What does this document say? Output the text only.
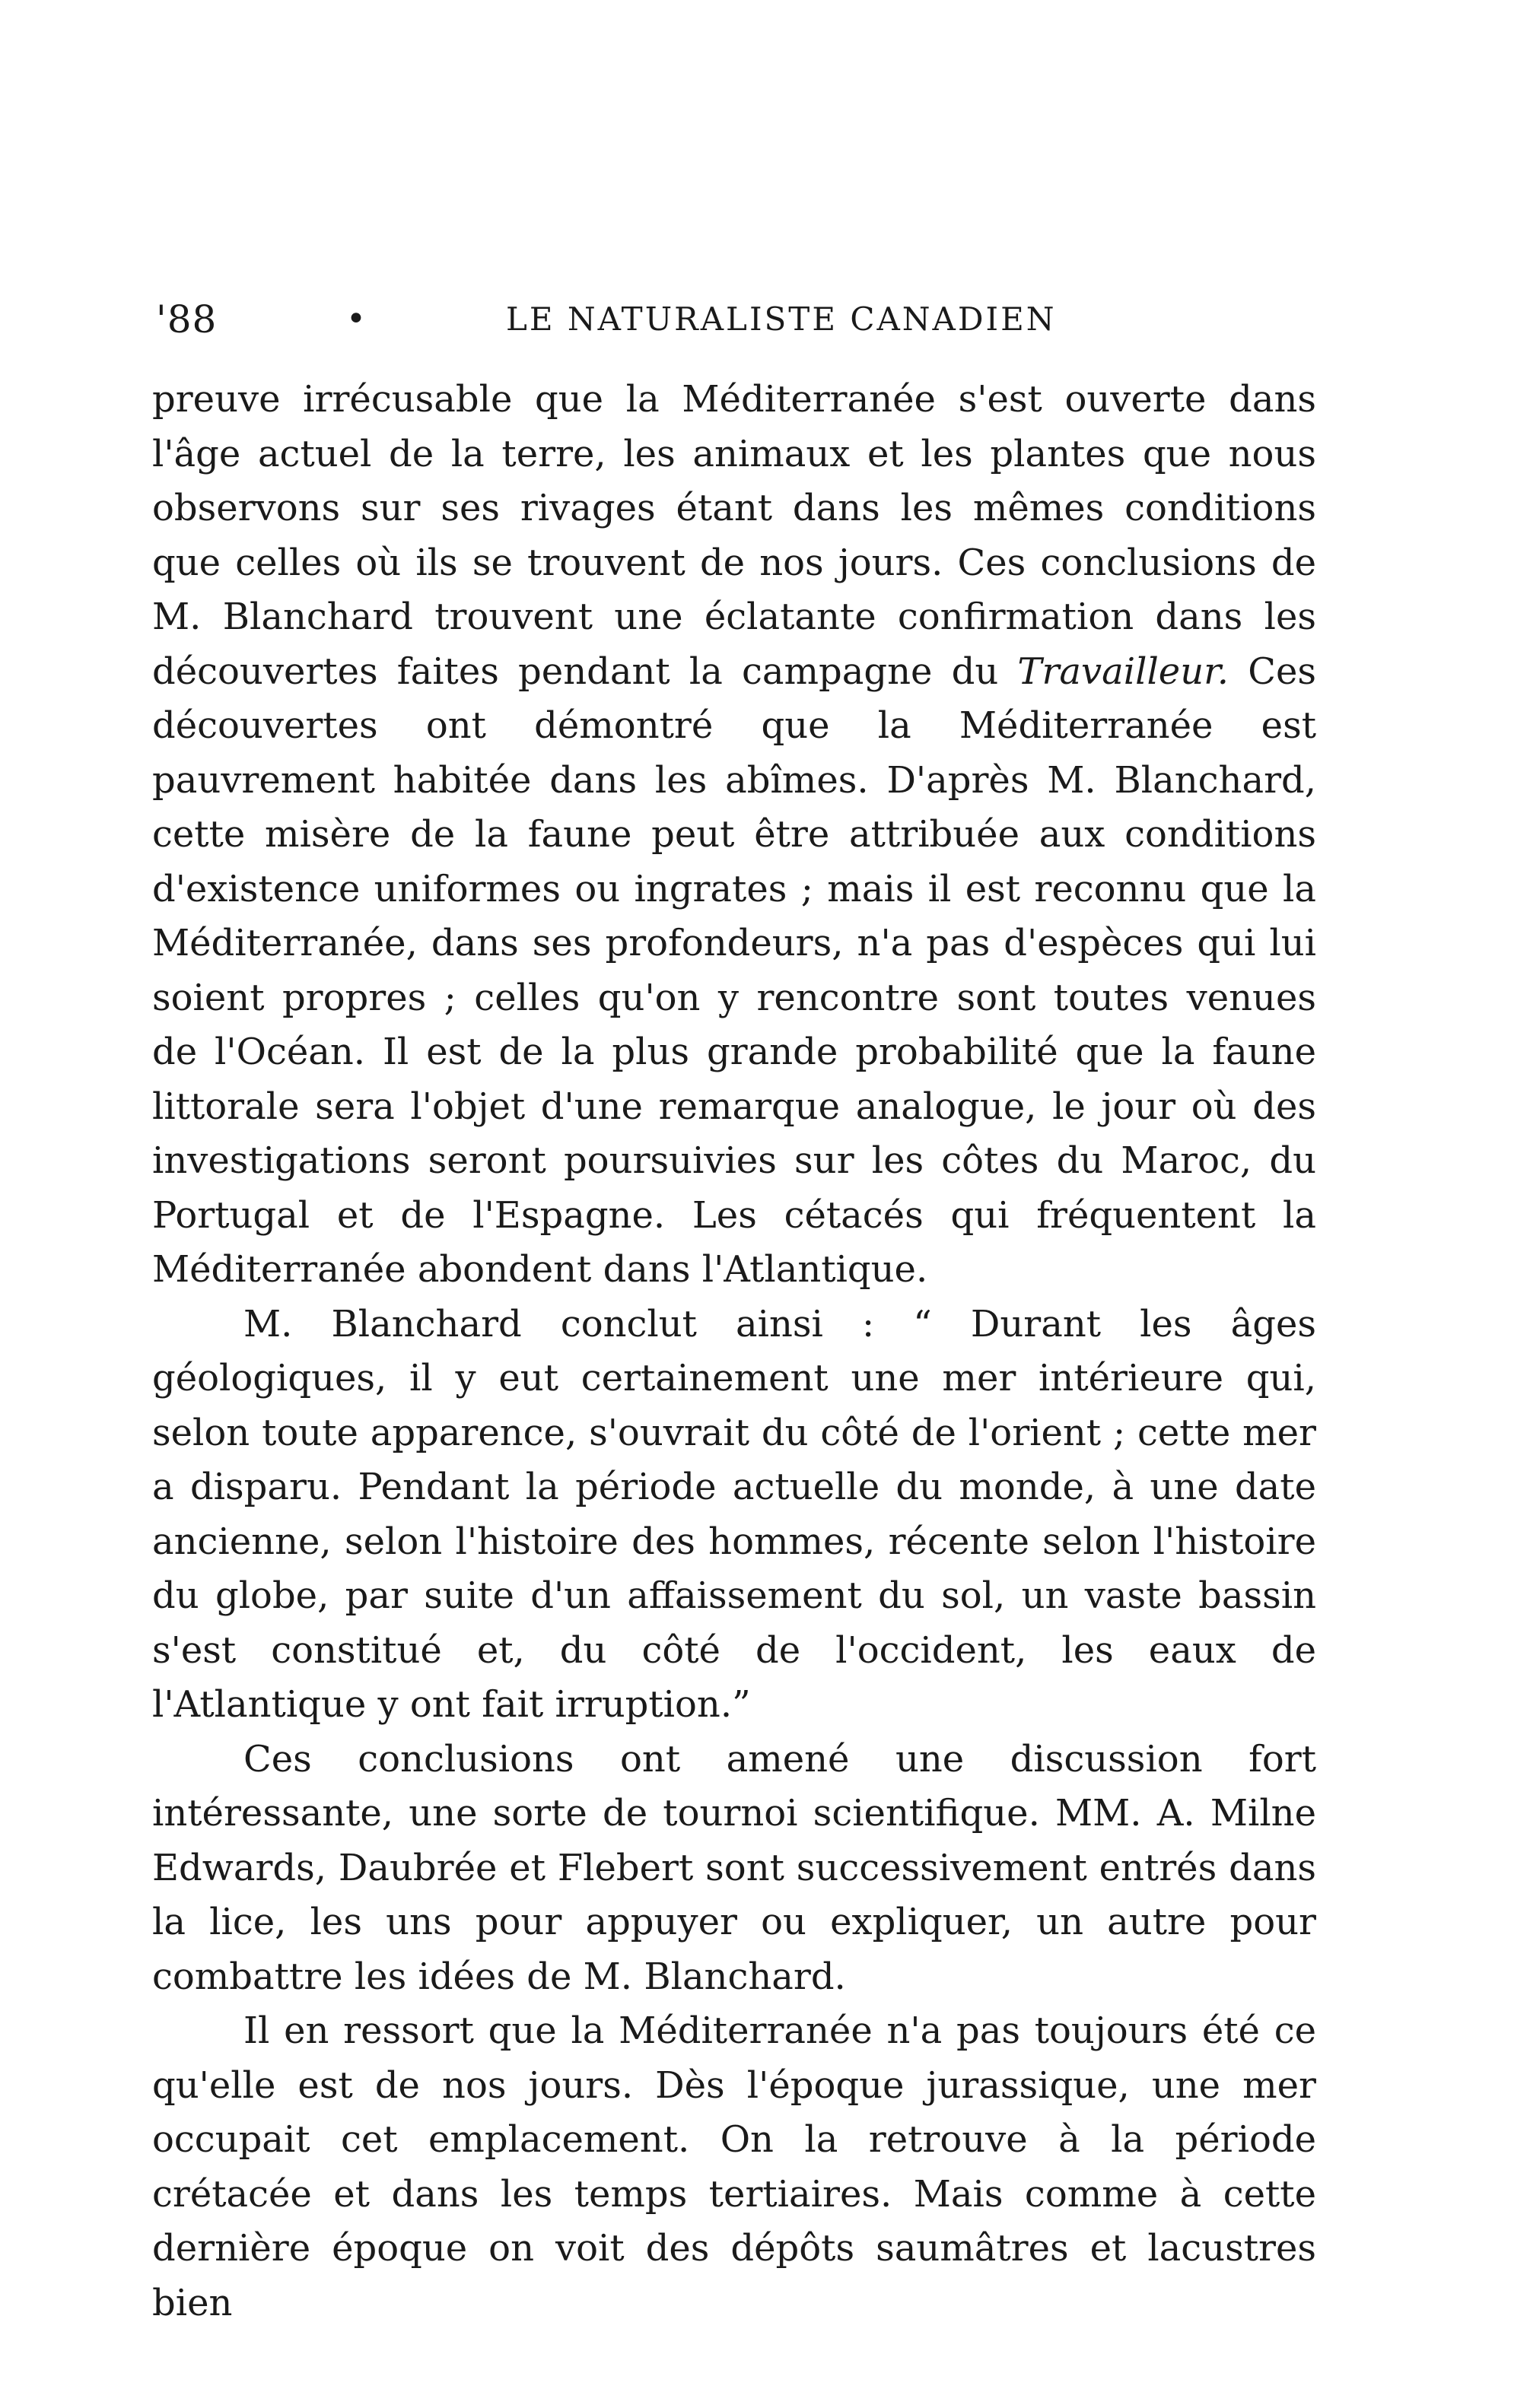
'88	•	LE NATURALISTE CANADIEN

preuve irrécusable que la Méditerranée s'est ouverte dans l'âge actuel de la terre, les animaux et les plantes que nous observons sur ses rivages étant dans les mêmes conditions que celles où ils se trouvent de nos jours. Ces conclusions de M. Blanchard trouvent une éclatante confirmation dans les découvertes faites pendant la campagne du Travailleur. Ces découvertes ont démontré que la Méditerranée est pauvrement habitée dans les abîmes. D'après M. Blanchard, cette misère de la faune peut être attribuée aux conditions d'existence uniformes ou ingrates ; mais il est reconnu que la Méditerranée, dans ses profondeurs, n'a pas d'espèces qui lui soient propres ; celles qu'on y rencontre sont toutes venues de l'Océan. Il est de la plus grande probabilité que la faune littorale sera l'objet d'une remarque analogue, le jour où des investigations seront poursuivies sur les côtes du Maroc, du Portugal et de l'Espagne. Les cétacés qui fréquentent la Méditerranée abondent dans l'Atlantique.

M. Blanchard conclut ainsi : “ Durant les âges géologiques, il y eut certainement une mer intérieure qui, selon toute apparence, s'ouvrait du côté de l'orient ; cette mer a disparu. Pendant la période actuelle du monde, à une date ancienne, selon l'histoire des hommes, récente selon l'histoire du globe, par suite d'un affaissement du sol, un vaste bassin s'est constitué et, du côté de l'occident, les eaux de l'Atlantique y ont fait irruption.”

Ces conclusions ont amené une discussion fort intéressante, une sorte de tournoi scientifique. MM. A. Milne Edwards, Daubrée et Flebert sont successivement entrés dans la lice, les uns pour appuyer ou expliquer, un autre pour combattre les idées de M. Blanchard.

Il en ressort que la Méditerranée n'a pas toujours été ce qu'elle est de nos jours. Dès l'époque jurassique, une mer occupait cet emplacement. On la retrouve à la période crétacée et dans les temps tertiaires. Mais comme à cette dernière époque on voit des dépôts saumâtres et lacustres bien
